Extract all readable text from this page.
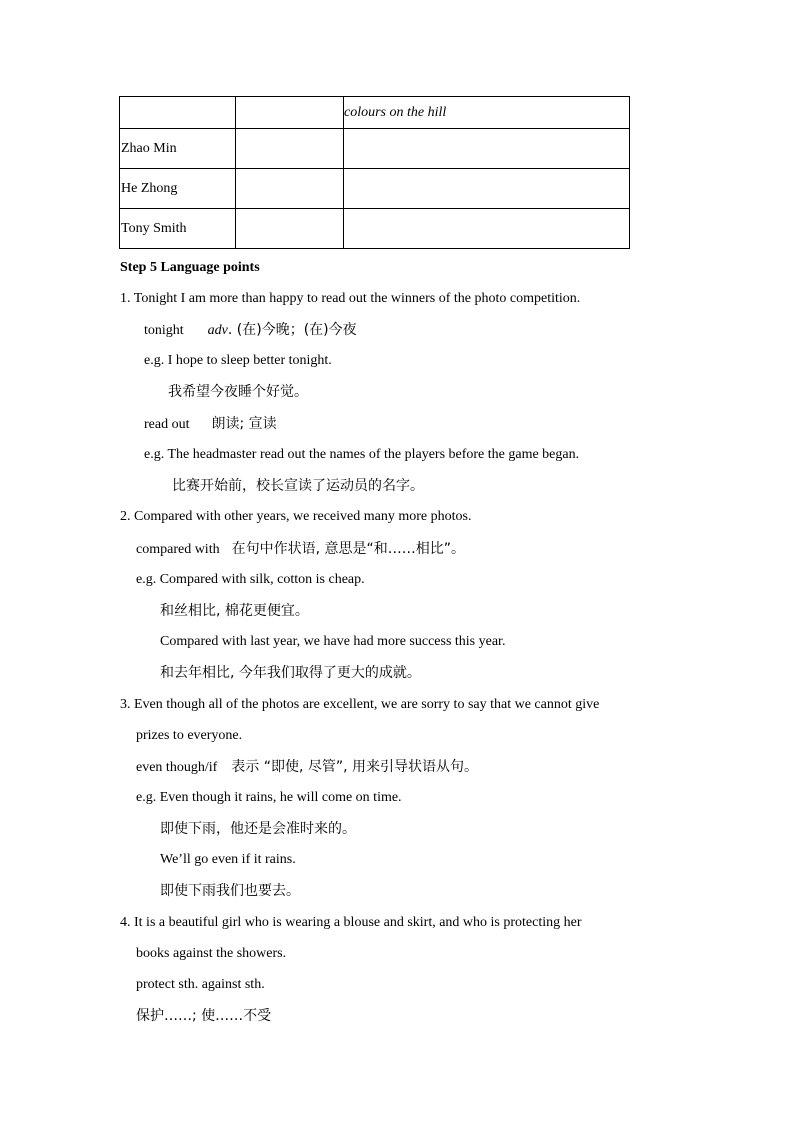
		colours on the hill
Zhao Min		
He Zhong		
Tony Smith		
Step 5 Language points
1. Tonight I am more than happy to read out the winners of the photo competition.
tonight adv. (在)今晚；(在)今夜
e.g. I hope to sleep better tonight.
我希望今夜睡个好觉。
read out 朗读; 宣读
e.g. The headmaster read out the names of the players before the game began.
比赛开始前，校长宣读了运动员的名字。
2. Compared with other years, we received many more photos.
compared with 在句中作状语, 意思是“和……相比”。
e.g. Compared with silk, cotton is cheap.
和丝相比, 棉花更便宜。
Compared with last year, we have had more success this year.
和去年相比, 今年我们取得了更大的成就。
3. Even though all of the photos are excellent, we are sorry to say that we cannot give
prizes to everyone.
even though/if 表示 “即使, 尽管”, 用来引导状语从句。
e.g. Even though it rains, he will come on time.
即使下雨，他还是会准时来的。
We’ll go even if it rains.
即使下雨我们也要去。
4. It is a beautiful girl who is wearing a blouse and skirt, and who is protecting her
books against the showers.
protect sth. against sth.
保护……; 使……不受
